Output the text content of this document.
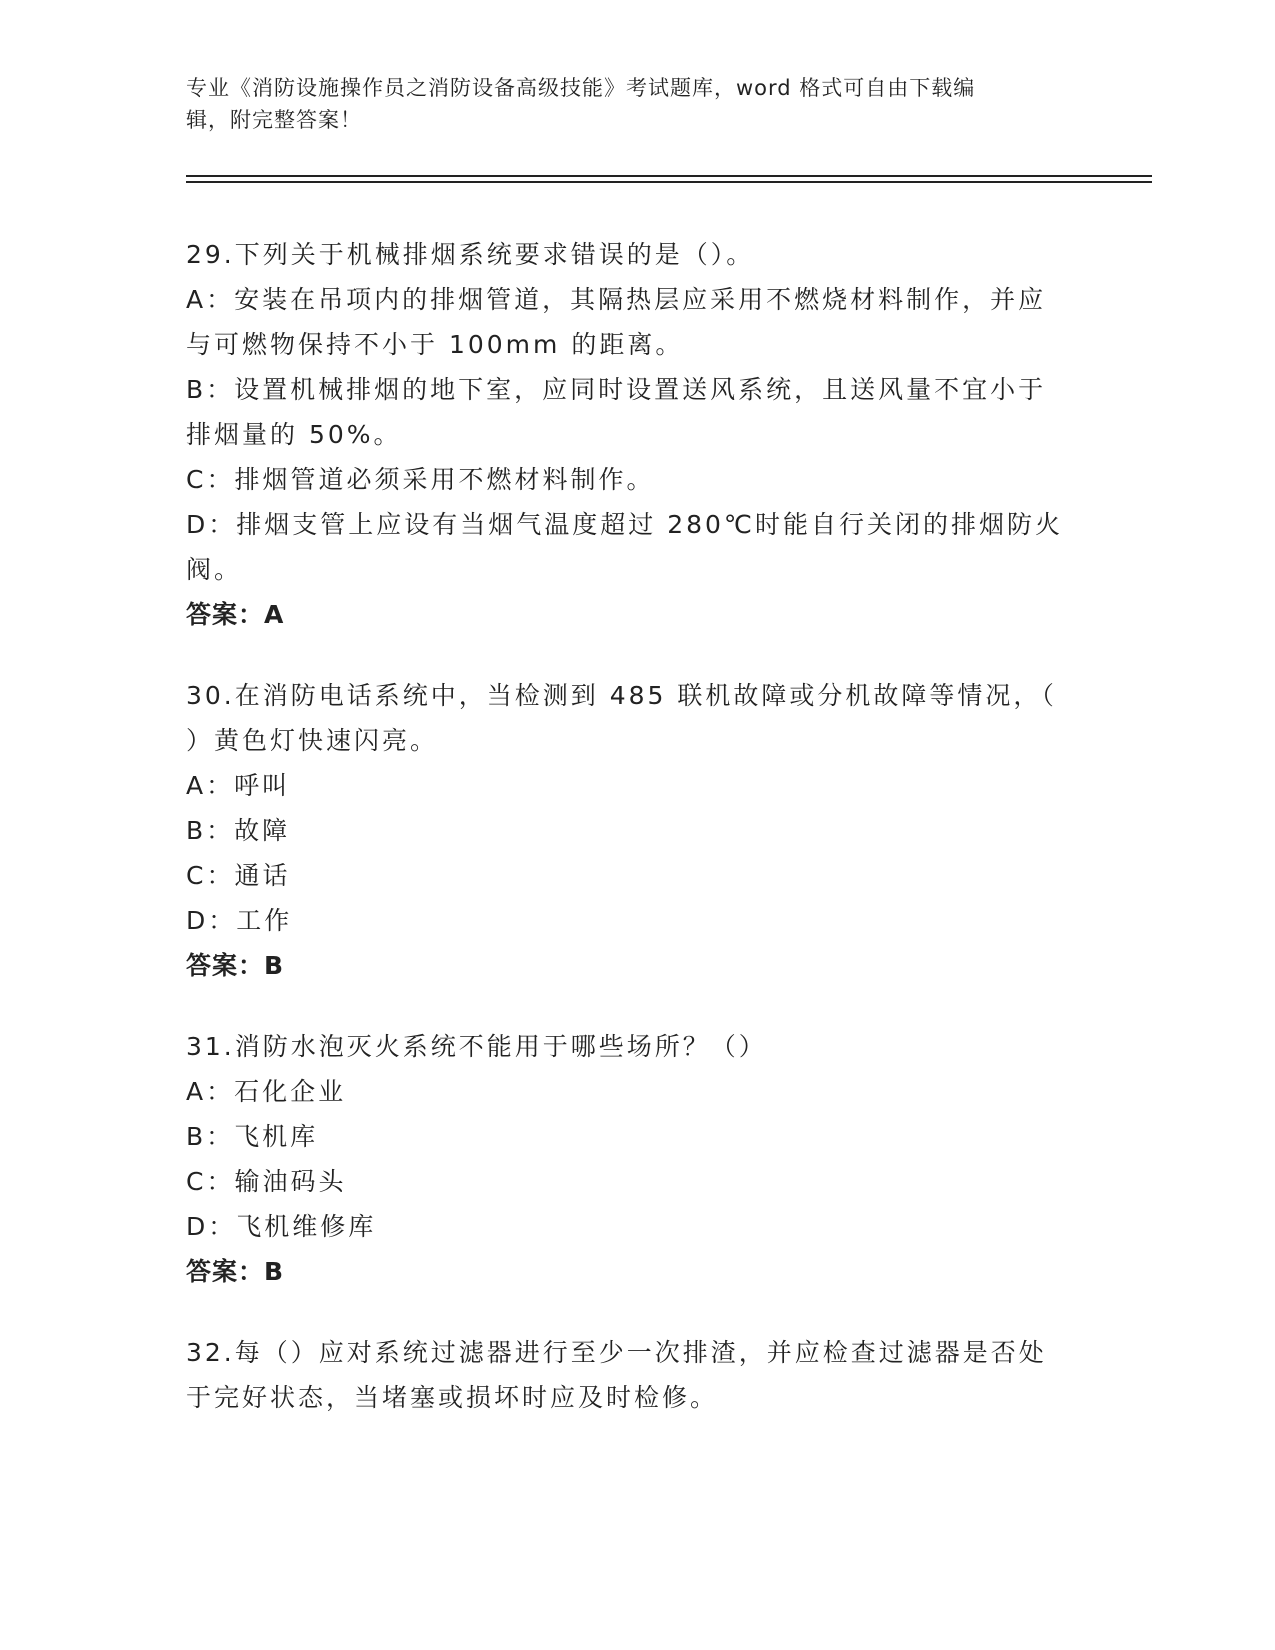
专业《消防设施操作员之消防设备高级技能》考试题库，word 格式可自由下载编
辑，附完整答案！
29.下列关于机械排烟系统要求错误的是（）。
A：安装在吊项内的排烟管道，其隔热层应采用不燃烧材料制作，并应
与可燃物保持不小于 100mm 的距离。
B：设置机械排烟的地下室，应同时设置送风系统，且送风量不宜小于
排烟量的 50%。
C：排烟管道必须采用不燃材料制作。
D：排烟支管上应设有当烟气温度超过 280℃时能自行关闭的排烟防火
阀。
答案：A
30.在消防电话系统中，当检测到 485 联机故障或分机故障等情况，（
）黄色灯快速闪亮。
A：呼叫
B：故障
C：通话
D：工作
答案：B
31.消防水泡灭火系统不能用于哪些场所？（）
A：石化企业
B：飞机库
C：输油码头
D：飞机维修库
答案：B
32.每（）应对系统过滤器进行至少一次排渣，并应检查过滤器是否处
于完好状态，当堵塞或损坏时应及时检修。
